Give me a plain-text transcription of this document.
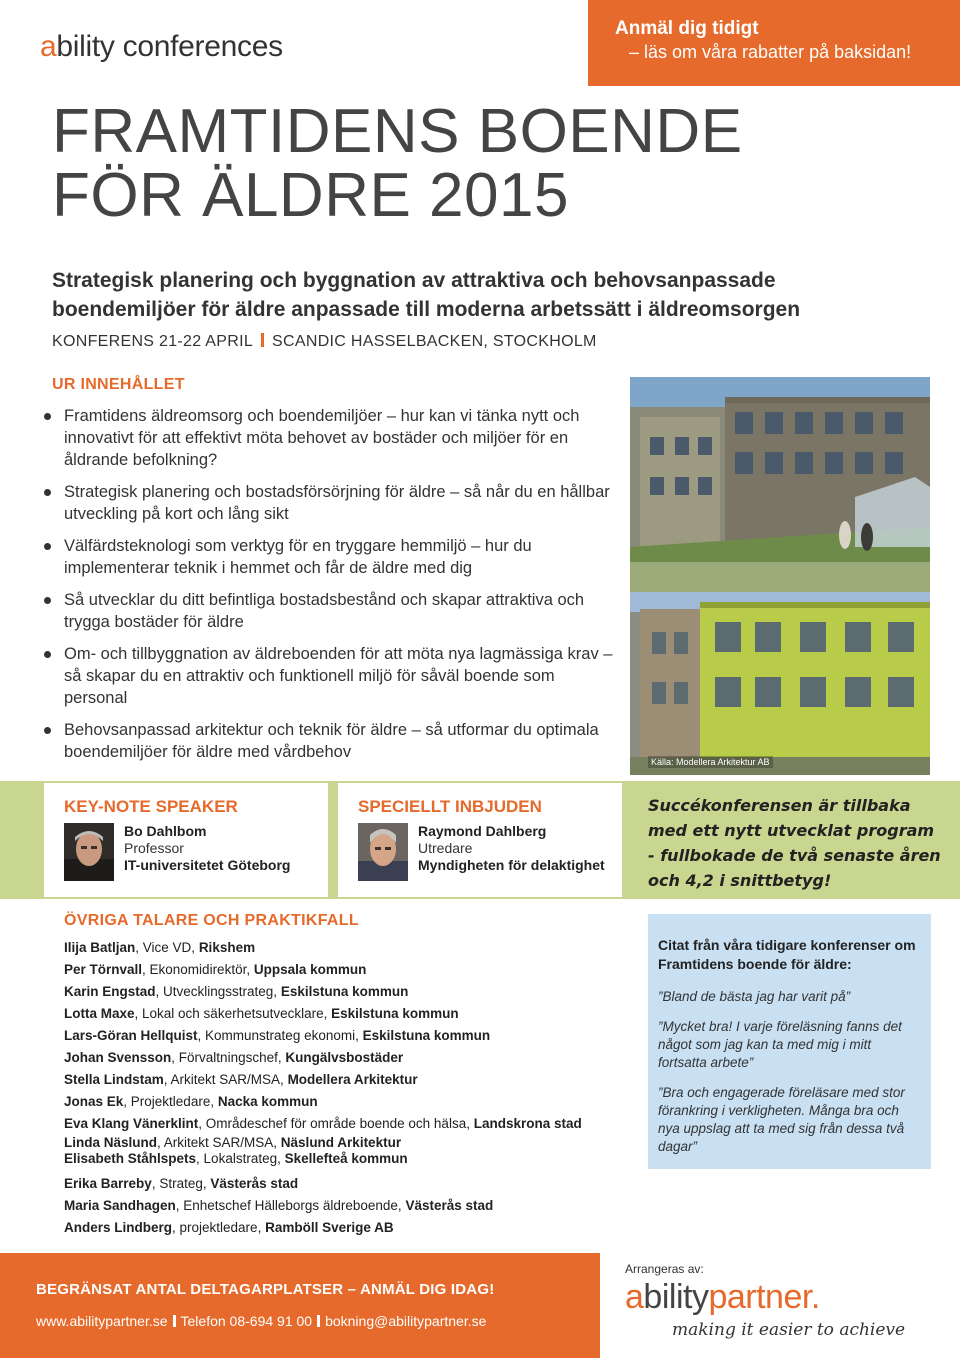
ability conferences
Anmäl dig tidigt
– läs om våra rabatter på baksidan!
FRAMTIDENS BOENDE
FÖR ÄLDRE 2015
Strategisk planering och byggnation av attraktiva och behovsanpassade
boendemiljöer för äldre anpassade till moderna arbetssätt i äldreomsorgen
KONFERENS 21-22 APRIL SCANDIC HASSELBACKEN, STOCKHOLM
UR INNEHÅLLET
Framtidens äldreomsorg och boendemiljöer – hur kan vi tänka nytt och innovativt för att effektivt möta behovet av bostäder och miljöer för en åldrande befolkning?
Strategisk planering och bostadsförsörjning för äldre – så når du en hållbar utveckling på kort och lång sikt
Välfärdsteknologi som verktyg för en tryggare hemmiljö – hur du implementerar teknik i hemmet och får de äldre med dig
Så utvecklar du ditt befintliga bostadsbestånd och skapar attraktiva och trygga bostäder för äldre
Om- och tillbyggnation av äldreboenden för att möta nya lagmässiga krav – så skapar du en attraktiv och funktionell miljö för såväl boende som personal
Behovsanpassad arkitektur och teknik för äldre – så utformar du optimala boendemiljöer för äldre med vårdbehov
Källa: Modellera Arkitektur AB
KEY-NOTE SPEAKER
Bo Dahlbom
Professor
IT-universitetet Göteborg
SPECIELLT INBJUDEN
Raymond Dahlberg
Utredare
Myndigheten för delaktighet
Succékonferensen är tillbaka
med ett nytt utvecklat program
- fullbokade de två senaste åren
och 4,2 i snittbetyg!
ÖVRIGA TALARE OCH PRAKTIKFALL
Ilija Batljan, Vice VD, Rikshem
Per Törnvall, Ekonomidirektör, Uppsala kommun
Karin Engstad, Utvecklingsstrateg, Eskilstuna kommun
Lotta Maxe, Lokal och säkerhetsutvecklare, Eskilstuna kommun
Lars-Göran Hellquist, Kommunstrateg ekonomi, Eskilstuna kommun
Johan Svensson, Förvaltningschef, Kungälvsbostäder
Stella Lindstam, Arkitekt SAR/MSA, Modellera Arkitektur
Jonas Ek, Projektledare, Nacka kommun
Eva Klang Vänerklint, Områdeschef för område boende och hälsa, Landskrona stad
Linda Näslund, Arkitekt SAR/MSA, Näslund Arkitektur
Elisabeth Ståhlspets, Lokalstrateg, Skellefteå kommun
Erika Barreby, Strateg, Västerås stad
Maria Sandhagen, Enhetschef Hälleborgs äldreboende, Västerås stad
Anders Lindberg, projektledare, Ramböll Sverige AB
Citat från våra tidigare konferenser om Framtidens boende för äldre:
”Bland de bästa jag har varit på”
”Mycket bra! I varje föreläsning fanns det något som jag kan ta med mig i mitt fortsatta arbete”
”Bra och engagerade föreläsare med stor förankring i verkligheten. Många bra och nya uppslag att ta med sig från dessa två dagar”
BEGRÄNSAT ANTAL DELTAGARPLATSER – ANMÄL DIG IDAG!
www.abilitypartner.se Telefon 08-694 91 00 bokning@abilitypartner.se
Arrangeras av:
abilitypartner.
making it easier to achieve
